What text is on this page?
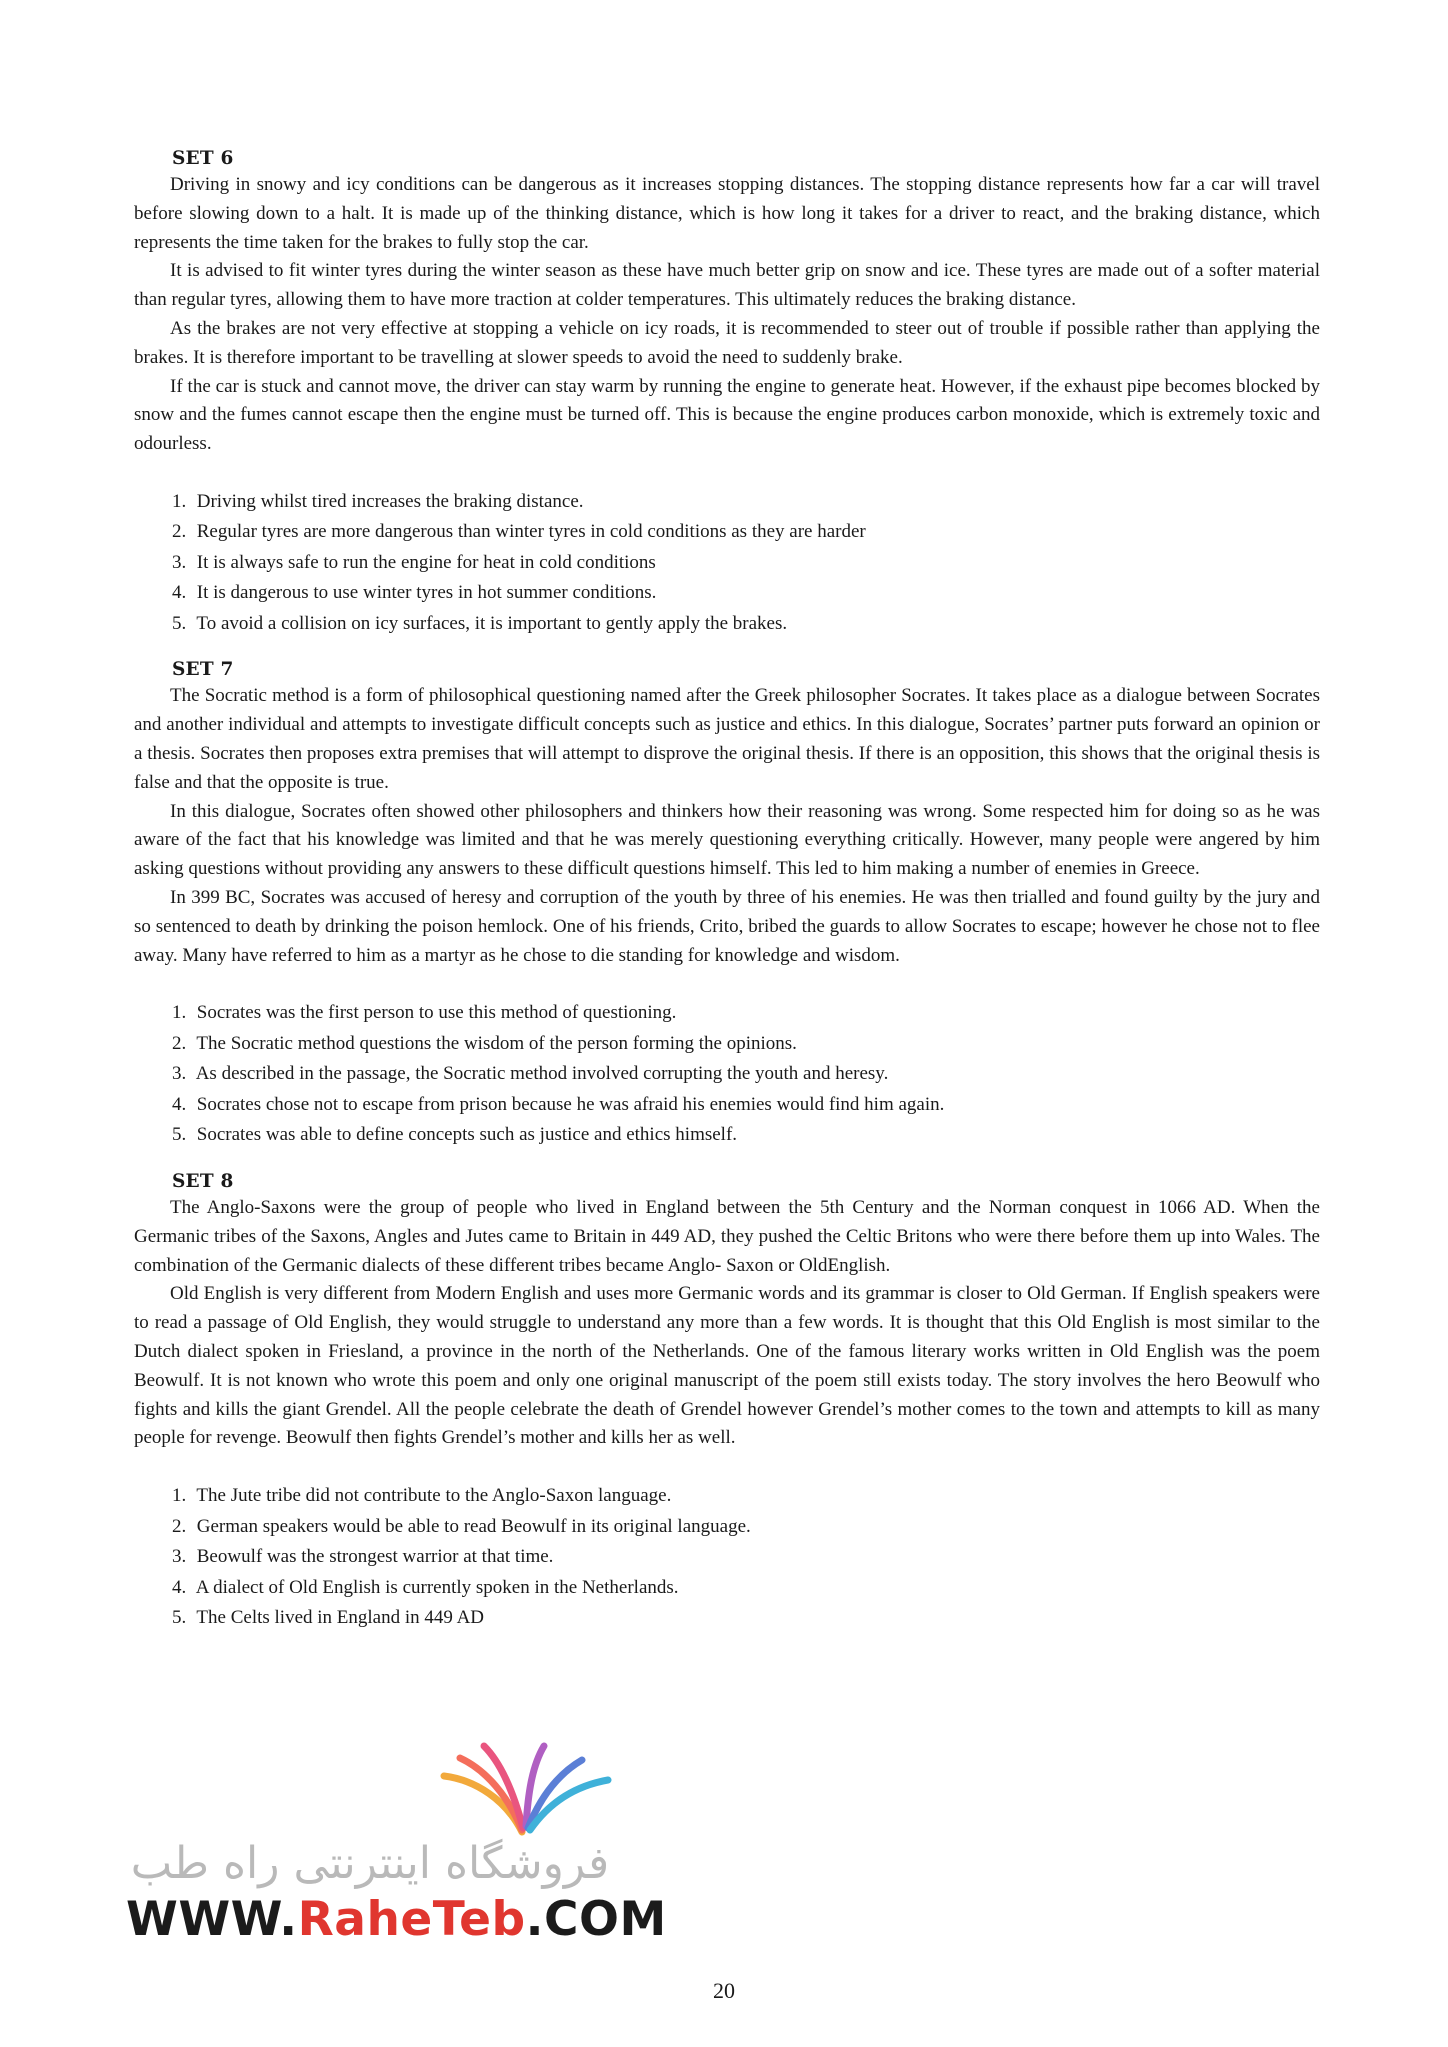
SET 6

Driving in snowy and icy conditions can be dangerous as it increases stopping distances. The stopping distance represents how far a car will travel before slowing down to a halt. It is made up of the thinking distance, which is how long it takes for a driver to react, and the braking distance, which represents the time taken for the brakes to fully stop the car.

It is advised to fit winter tyres during the winter season as these have much better grip on snow and ice. These tyres are made out of a softer material than regular tyres, allowing them to have more traction at colder temperatures. This ultimately reduces the braking distance.

As the brakes are not very effective at stopping a vehicle on icy roads, it is recommended to steer out of trouble if possible rather than applying the brakes. It is therefore important to be travelling at slower speeds to avoid the need to suddenly brake.

If the car is stuck and cannot move, the driver can stay warm by running the engine to generate heat. However, if the exhaust pipe becomes blocked by snow and the fumes cannot escape then the engine must be turned off. This is because the engine produces carbon monoxide, which is extremely toxic and odourless.

1. Driving whilst tired increases the braking distance.
2. Regular tyres are more dangerous than winter tyres in cold conditions as they are harder
3. It is always safe to run the engine for heat in cold conditions
4. It is dangerous to use winter tyres in hot summer conditions.
5. To avoid a collision on icy surfaces, it is important to gently apply the brakes.
SET 7

The Socratic method is a form of philosophical questioning named after the Greek philosopher Socrates. It takes place as a dialogue between Socrates and another individual and attempts to investigate difficult concepts such as justice and ethics. In this dialogue, Socrates’ partner puts forward an opinion or a thesis. Socrates then proposes extra premises that will attempt to disprove the original thesis. If there is an opposition, this shows that the original thesis is false and that the opposite is true.

In this dialogue, Socrates often showed other philosophers and thinkers how their reasoning was wrong. Some respected him for doing so as he was aware of the fact that his knowledge was limited and that he was merely questioning everything critically. However, many people were angered by him asking questions without providing any answers to these difficult questions himself. This led to him making a number of enemies in Greece.

In 399 BC, Socrates was accused of heresy and corruption of the youth by three of his enemies. He was then trialled and found guilty by the jury and so sentenced to death by drinking the poison hemlock. One of his friends, Crito, bribed the guards to allow Socrates to escape; however he chose not to flee away. Many have referred to him as a martyr as he chose to die standing for knowledge and wisdom.

1. Socrates was the first person to use this method of questioning.
2. The Socratic method questions the wisdom of the person forming the opinions.
3. As described in the passage, the Socratic method involved corrupting the youth and heresy.
4. Socrates chose not to escape from prison because he was afraid his enemies would find him again.
5. Socrates was able to define concepts such as justice and ethics himself.
SET 8

The Anglo-Saxons were the group of people who lived in England between the 5th Century and the Norman conquest in 1066 AD. When the Germanic tribes of the Saxons, Angles and Jutes came to Britain in 449 AD, they pushed the Celtic Britons who were there before them up into Wales. The combination of the Germanic dialects of these different tribes became Anglo- Saxon or OldEnglish.

Old English is very different from Modern English and uses more Germanic words and its grammar is closer to Old German. If English speakers were to read a passage of Old English, they would struggle to understand any more than a few words. It is thought that this Old English is most similar to the Dutch dialect spoken in Friesland, a province in the north of the Netherlands. One of the famous literary works written in Old English was the poem Beowulf. It is not known who wrote this poem and only one original manuscript of the poem still exists today. The story involves the hero Beowulf who fights and kills the giant Grendel. All the people celebrate the death of Grendel however Grendel’s mother comes to the town and attempts to kill as many people for revenge. Beowulf then fights Grendel’s mother and kills her as well.

1. The Jute tribe did not contribute to the Anglo-Saxon language.
2. German speakers would be able to read Beowulf in its original language.
3. Beowulf was the strongest warrior at that time.
4. A dialect of Old English is currently spoken in the Netherlands.
5. The Celts lived in England in 449 AD
فروشگاه اینترنتی راه طب
WWW.RaheTeb.COM
20
